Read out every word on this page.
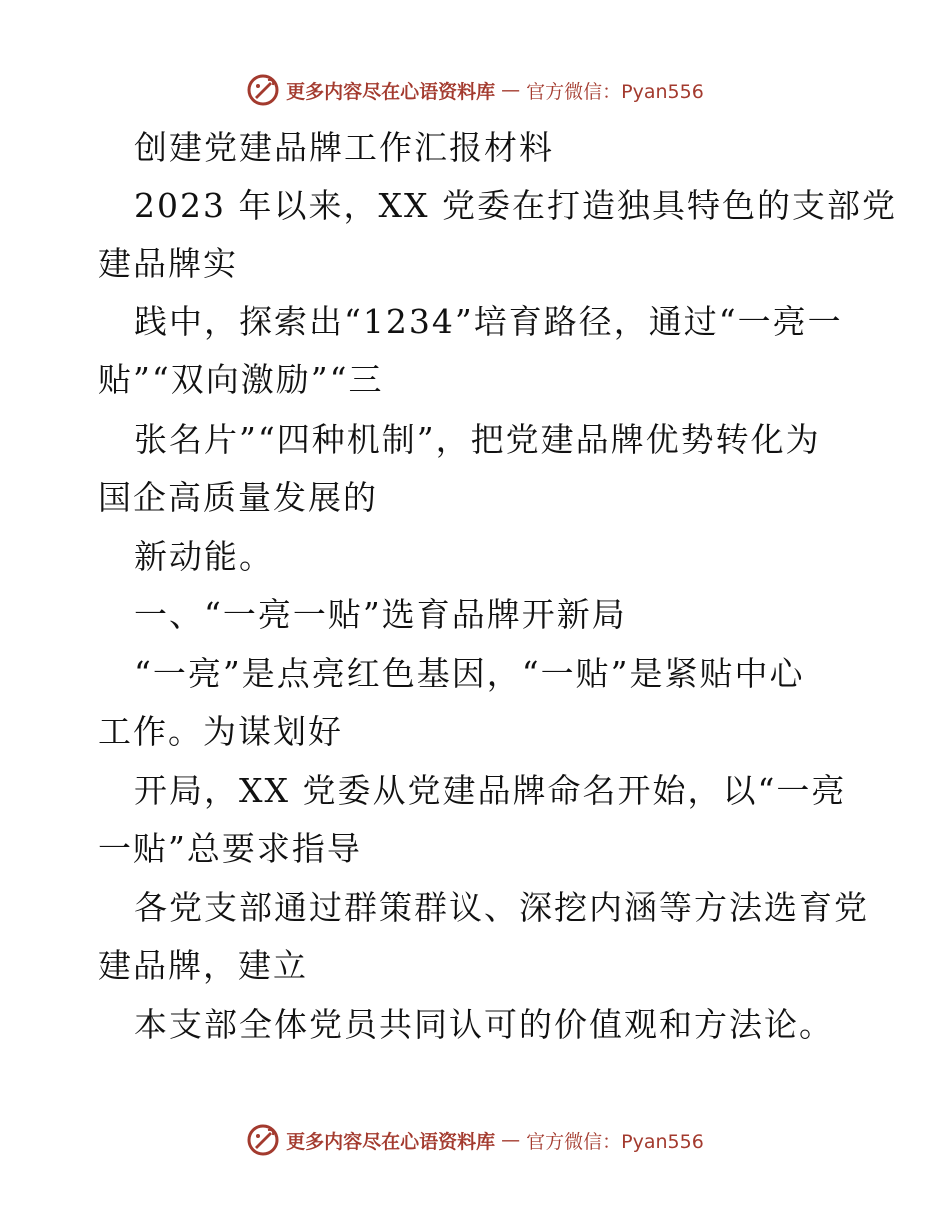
更多内容尽在心语资料库 — 官方微信：Pyan556
创建党建品牌工作汇报材料
2023 年以来，XX 党委在打造独具特色的支部党
建品牌实
践中，探索出“1234”培育路径，通过“一亮一
贴”“双向激励”“三
张名片”“四种机制”，把党建品牌优势转化为
国企高质量发展的
新动能。
一、“一亮一贴”选育品牌开新局
“一亮”是点亮红色基因，“一贴”是紧贴中心
工作。为谋划好
开局，XX 党委从党建品牌命名开始，以“一亮
一贴”总要求指导
各党支部通过群策群议、深挖内涵等方法选育党
建品牌，建立
本支部全体党员共同认可的价值观和方法论。
更多内容尽在心语资料库 — 官方微信：Pyan556
